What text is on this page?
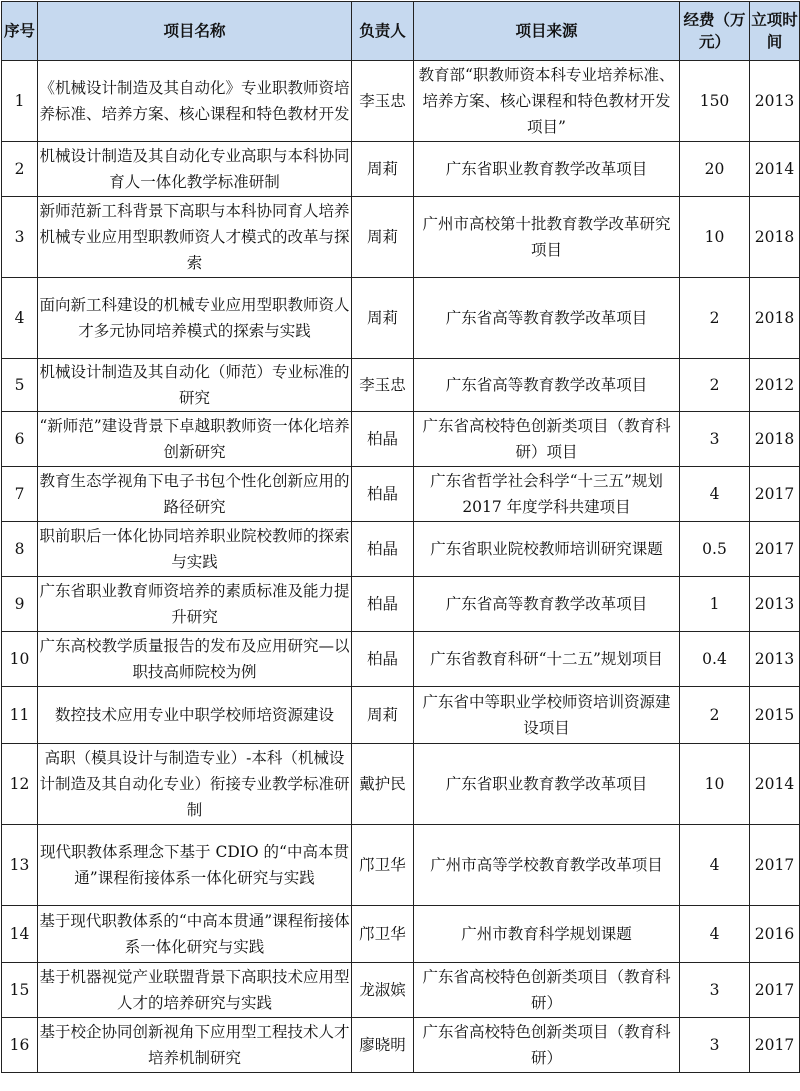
序号	项目名称	负责人	项目来源	经费（万元）	立项时间
1	《机械设计制造及其自动化》专业职教师资培养标准、培养方案、核心课程和特色教材开发	李玉忠	教育部“职教师资本科专业培养标准、培养方案、核心课程和特色教材开发项目”	150	2013
2	机械设计制造及其自动化专业高职与本科协同育人一体化教学标准研制	周莉	广东省职业教育教学改革项目	20	2014
3	新师范新工科背景下高职与本科协同育人培养机械专业应用型职教师资人才模式的改革与探索	周莉	广州市高校第十批教育教学改革研究项目	10	2018
4	面向新工科建设的机械专业应用型职教师资人才多元协同培养模式的探索与实践	周莉	广东省高等教育教学改革项目	2	2018
5	机械设计制造及其自动化（师范）专业标准的研究	李玉忠	广东省高等教育教学改革项目	2	2012
6	“新师范”建设背景下卓越职教师资一体化培养创新研究	柏晶	广东省高校特色创新类项目（教育科研）项目	3	2018
7	教育生态学视角下电子书包个性化创新应用的路径研究	柏晶	广东省哲学社会科学“十三五”规划 2017 年度学科共建项目	4	2017
8	职前职后一体化协同培养职业院校教师的探索与实践	柏晶	广东省职业院校教师培训研究课题	0.5	2017
9	广东省职业教育师资培养的素质标准及能力提升研究	柏晶	广东省高等教育教学改革项目	1	2013
10	广东高校教学质量报告的发布及应用研究—以职技高师院校为例	柏晶	广东省教育科研“十二五”规划项目	0.4	2013
11	数控技术应用专业中职学校师培资源建设	周莉	广东省中等职业学校师资培训资源建设项目	2	2015
12	高职（模具设计与制造专业）-本科（机械设计制造及其自动化专业）衔接专业教学标准研制	戴护民	广东省职业教育教学改革项目	10	2014
13	现代职教体系理念下基于 CDIO 的“中高本贯通”课程衔接体系一体化研究与实践	邝卫华	广州市高等学校教育教学改革项目	4	2017
14	基于现代职教体系的“中高本贯通”课程衔接体系一体化研究与实践	邝卫华	广州市教育科学规划课题	4	2016
15	基于机器视觉产业联盟背景下高职技术应用型人才的培养研究与实践	龙淑嫔	广东省高校特色创新类项目（教育科研）	3	2017
16	基于校企协同创新视角下应用型工程技术人才培养机制研究	廖晓明	广东省高校特色创新类项目（教育科研）	3	2017
